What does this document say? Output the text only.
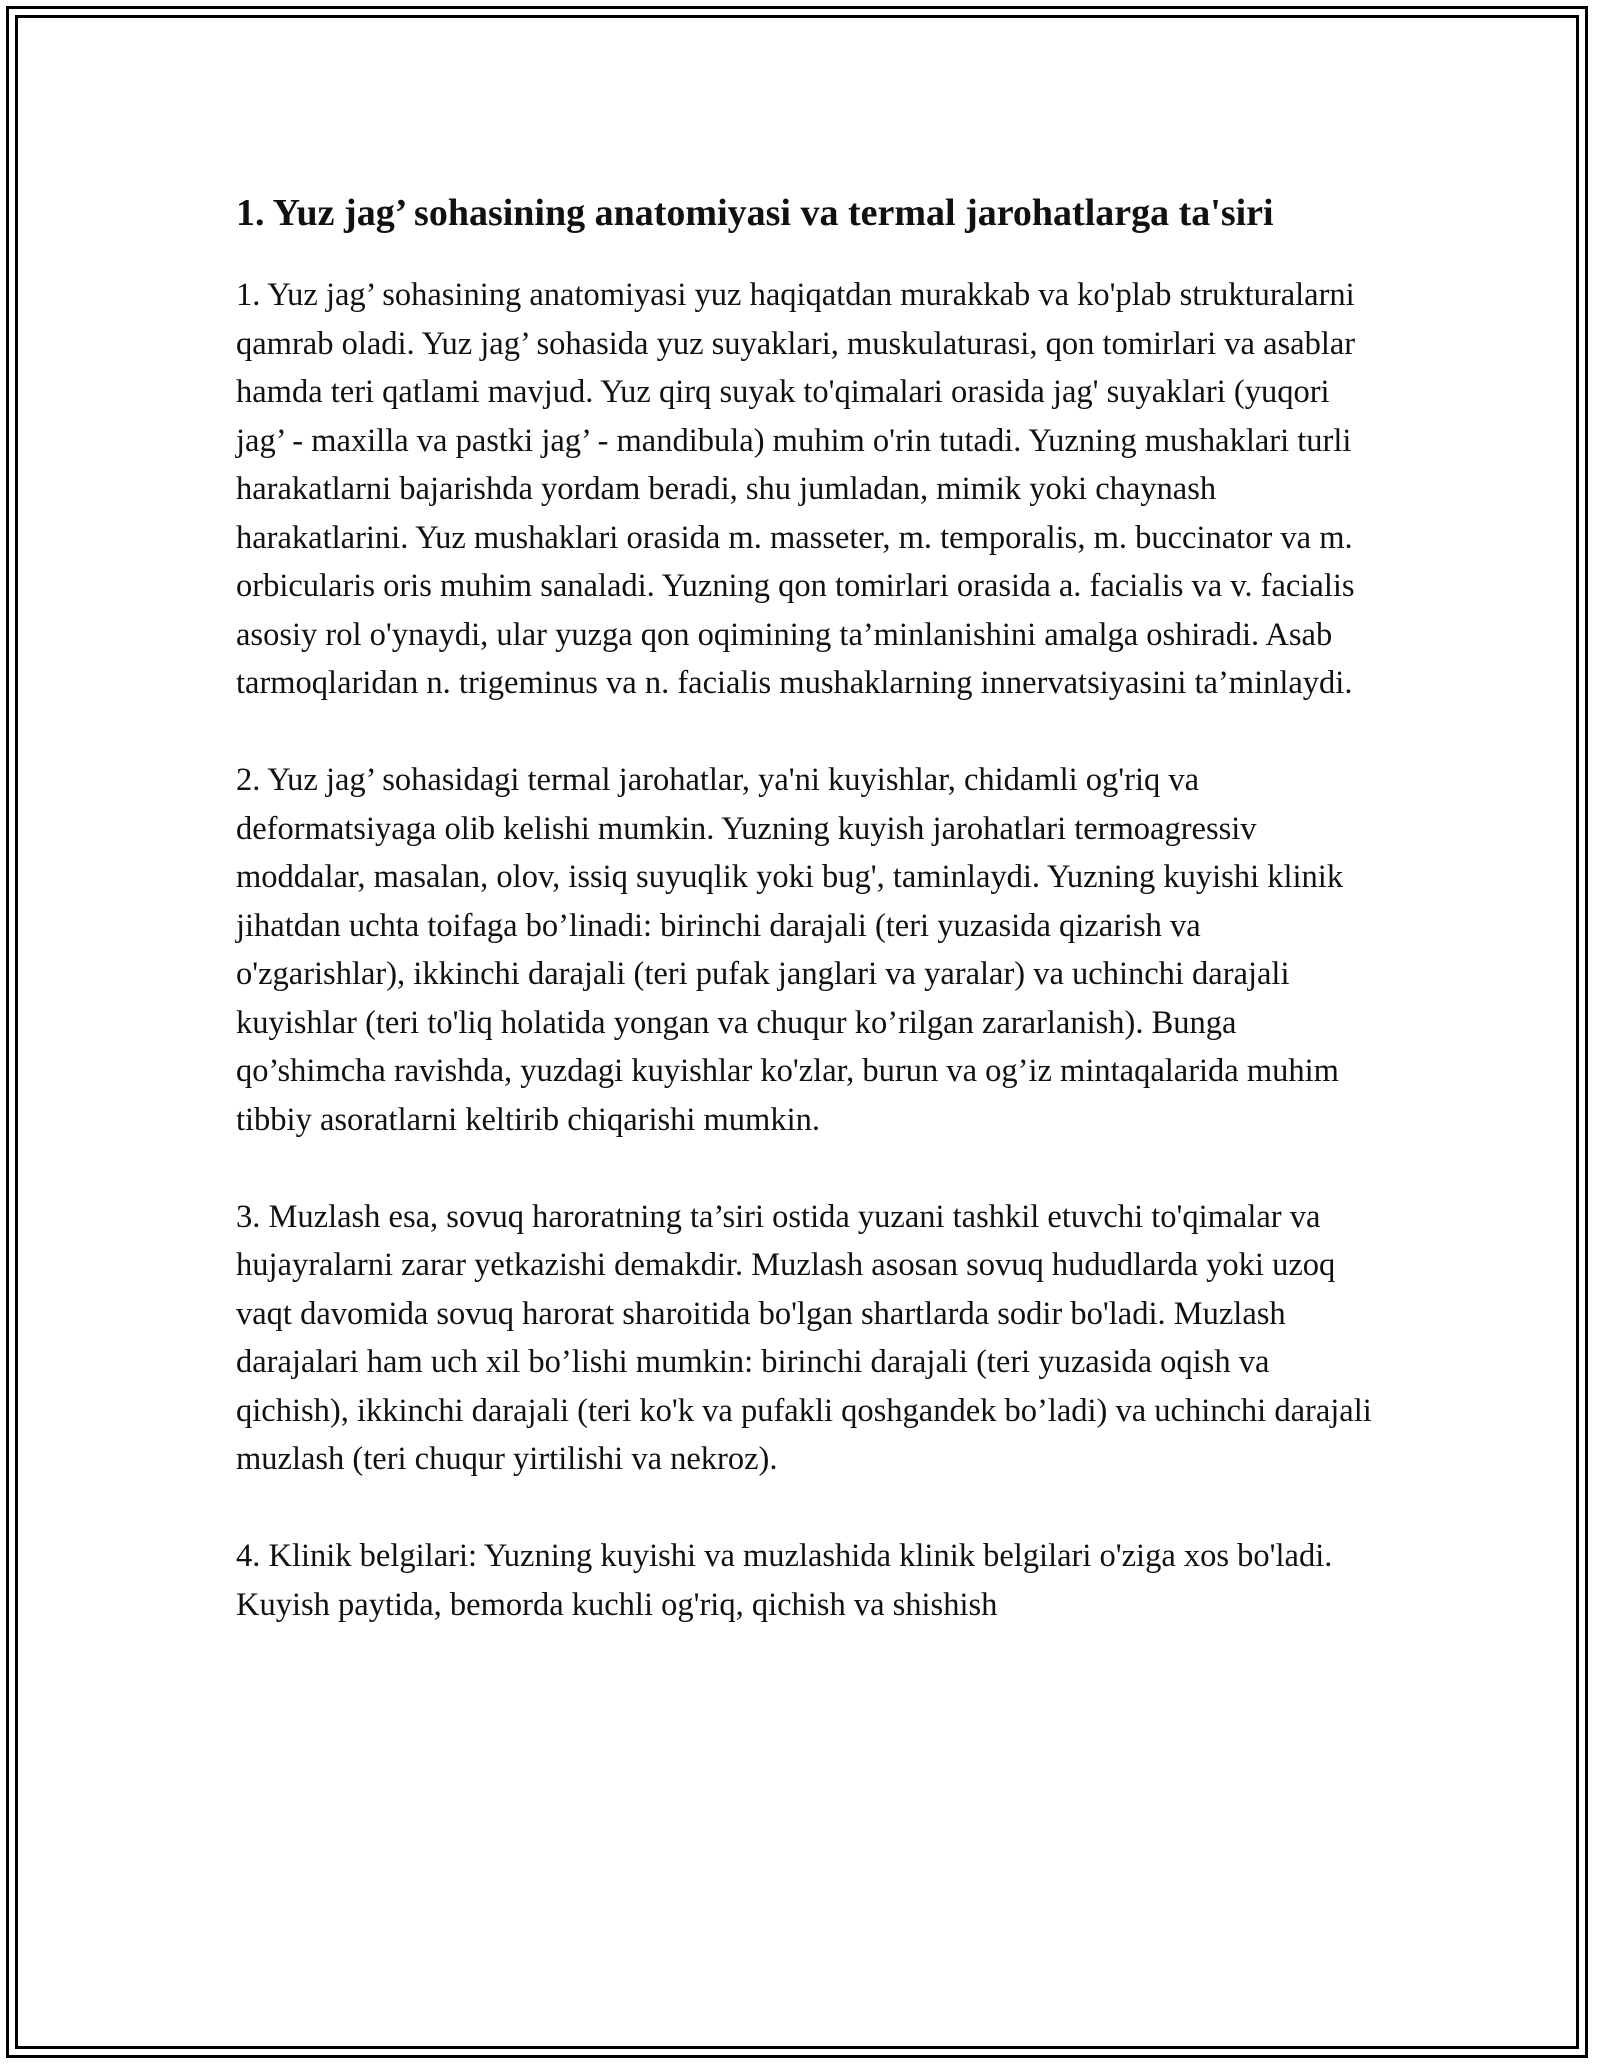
1. Yuz jag’ sohasining anatomiyasi va termal jarohatlarga ta'siri

1. Yuz jag’ sohasining anatomiyasi yuz haqiqatdan murakkab va ko'plab strukturalarni qamrab oladi. Yuz jag’ sohasida yuz suyaklari, muskulaturasi, qon tomirlari va asablar hamda teri qatlami mavjud. Yuz qirq suyak to'qimalari orasida jag' suyaklari (yuqori jag’ - maxilla va pastki jag’ - mandibula) muhim o'rin tutadi. Yuzning mushaklari turli harakatlarni bajarishda yordam beradi, shu jumladan, mimik yoki chaynash harakatlarini. Yuz mushaklari orasida m. masseter, m. temporalis, m. buccinator va m. orbicularis oris muhim sanaladi. Yuzning qon tomirlari orasida a. facialis va v. facialis asosiy rol o'ynaydi, ular yuzga qon oqimining ta’minlanishini amalga oshiradi. Asab tarmoqlaridan n. trigeminus va n. facialis mushaklarning innervatsiyasini ta’minlaydi.

2. Yuz jag’ sohasidagi termal jarohatlar, ya'ni kuyishlar, chidamli og'riq va deformatsiyaga olib kelishi mumkin. Yuzning kuyish jarohatlari termoagressiv moddalar, masalan, olov, issiq suyuqlik yoki bug', taminlaydi. Yuzning kuyishi klinik jihatdan uchta toifaga bo’linadi: birinchi darajali (teri yuzasida qizarish va o'zgarishlar), ikkinchi darajali (teri pufak janglari va yaralar) va uchinchi darajali kuyishlar (teri to'liq holatida yongan va chuqur ko’rilgan zararlanish). Bunga qo’shimcha ravishda, yuzdagi kuyishlar ko'zlar, burun va og’iz mintaqalarida muhim tibbiy asoratlarni keltirib chiqarishi mumkin.

3. Muzlash esa, sovuq haroratning ta’siri ostida yuzani tashkil etuvchi to'qimalar va hujayralarni zarar yetkazishi demakdir. Muzlash asosan sovuq hududlarda yoki uzoq vaqt davomida sovuq harorat sharoitida bo'lgan shartlarda sodir bo'ladi. Muzlash darajalari ham uch xil bo’lishi mumkin: birinchi darajali (teri yuzasida oqish va qichish), ikkinchi darajali (teri ko'k va pufakli qoshgandek bo’ladi) va uchinchi darajali muzlash (teri chuqur yirtilishi va nekroz).

4. Klinik belgilari: Yuzning kuyishi va muzlashida klinik belgilari o'ziga xos bo'ladi. Kuyish paytida, bemorda kuchli og'riq, qichish va shishish
